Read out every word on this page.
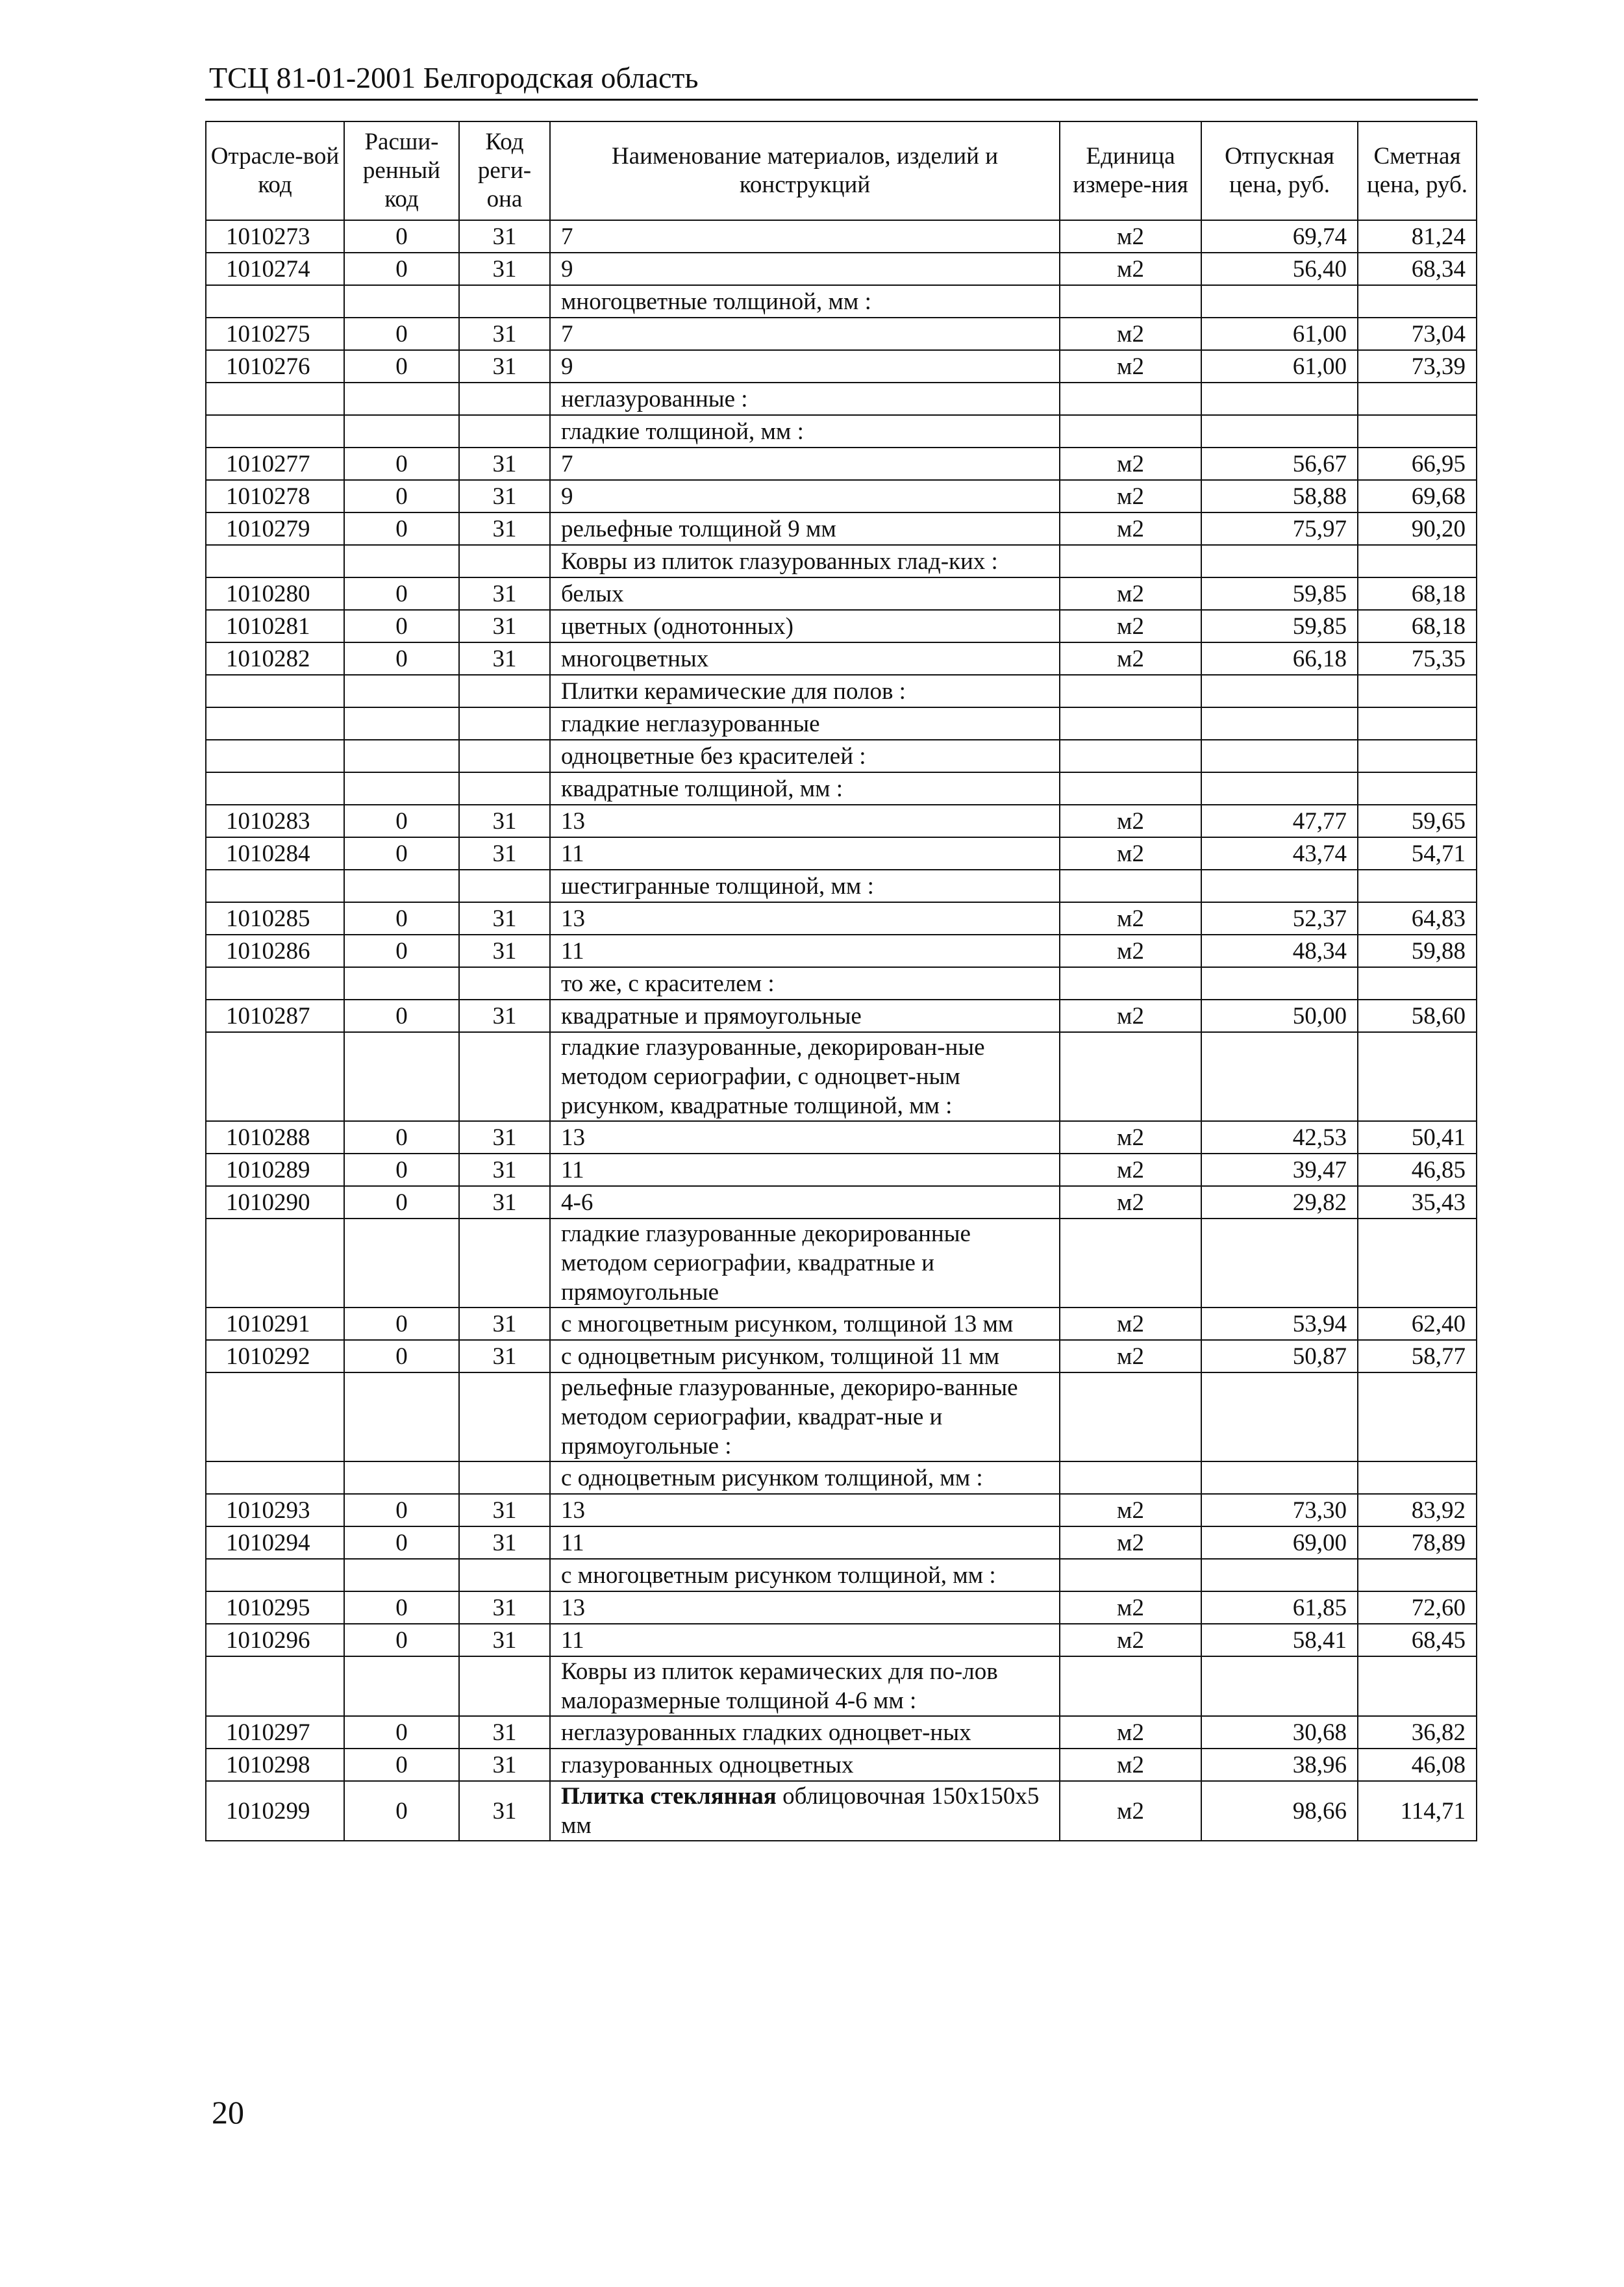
ТСЦ 81-01-2001 Белгородская область
Отрасле-вой код	Расши-ренный код	Код реги-она	Наименование материалов, изделий и конструкций	Единица измере-ния	Отпускная цена, руб.	Сметная цена, руб.
1010273	0	31	7	м2	69,74	81,24
1010274	0	31	9	м2	56,40	68,34
			многоцветные толщиной, мм :			
1010275	0	31	7	м2	61,00	73,04
1010276	0	31	9	м2	61,00	73,39
			неглазурованные :			
			гладкие толщиной, мм :			
1010277	0	31	7	м2	56,67	66,95
1010278	0	31	9	м2	58,88	69,68
1010279	0	31	рельефные толщиной 9 мм	м2	75,97	90,20
			Ковры из плиток глазурованных глад-ких :			
1010280	0	31	белых	м2	59,85	68,18
1010281	0	31	цветных (однотонных)	м2	59,85	68,18
1010282	0	31	многоцветных	м2	66,18	75,35
			Плитки керамические для полов :			
			гладкие неглазурованные			
			одноцветные без красителей :			
			квадратные толщиной, мм :			
1010283	0	31	13	м2	47,77	59,65
1010284	0	31	11	м2	43,74	54,71
			шестигранные толщиной, мм :			
1010285	0	31	13	м2	52,37	64,83
1010286	0	31	11	м2	48,34	59,88
			то же, с красителем :			
1010287	0	31	квадратные и прямоугольные	м2	50,00	58,60
			гладкие глазурованные, декорирован-ные методом сериографии, с одноцвет-ным рисунком, квадратные толщиной, мм :			
1010288	0	31	13	м2	42,53	50,41
1010289	0	31	11	м2	39,47	46,85
1010290	0	31	4-6	м2	29,82	35,43
			гладкие глазурованные декорированные методом сериографии, квадратные и прямоугольные			
1010291	0	31	с многоцветным рисунком, толщиной 13 мм	м2	53,94	62,40
1010292	0	31	с одноцветным рисунком, толщиной 11 мм	м2	50,87	58,77
			рельефные глазурованные, декориро-ванные методом сериографии, квадрат-ные и прямоугольные :			
			с одноцветным рисунком толщиной, мм :			
1010293	0	31	13	м2	73,30	83,92
1010294	0	31	11	м2	69,00	78,89
			с многоцветным рисунком толщиной, мм :			
1010295	0	31	13	м2	61,85	72,60
1010296	0	31	11	м2	58,41	68,45
			Ковры из плиток керамических для по-лов малоразмерные толщиной 4-6 мм :			
1010297	0	31	неглазурованных гладких одноцвет-ных	м2	30,68	36,82
1010298	0	31	глазурованных одноцветных	м2	38,96	46,08
1010299	0	31	Плитка стеклянная облицовочная 150х150х5 мм	м2	98,66	114,71
20
